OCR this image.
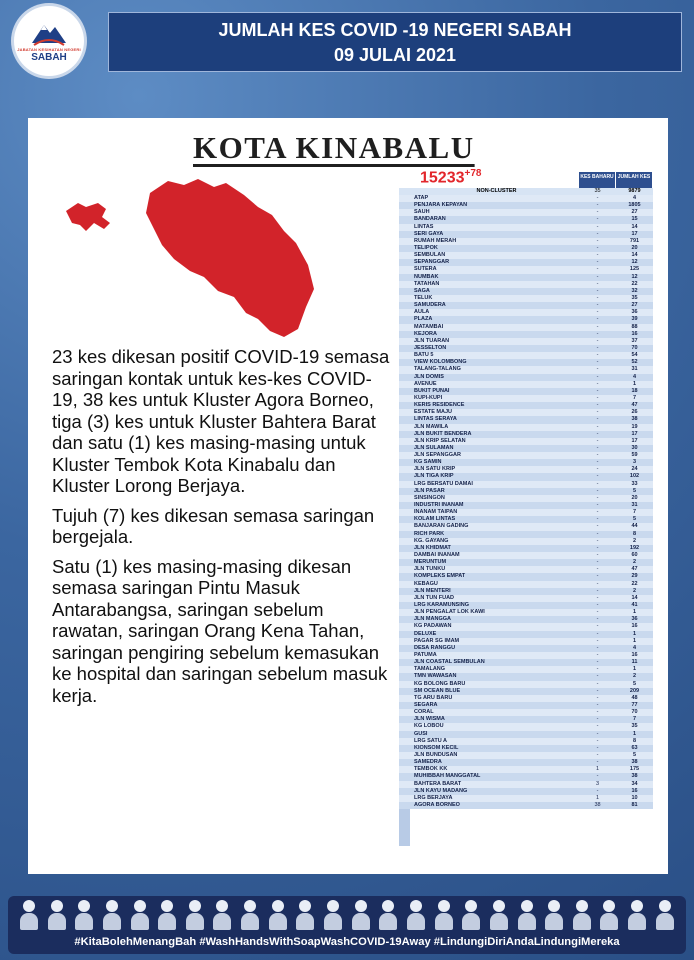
JABATAN KESIHATAN NEGERI
SABAH
JUMLAH KES COVID -19 NEGERI SABAH
09 JULAI 2021
KOTA KINABALU

23 kes dikesan positif COVID-19 semasa saringan kontak untuk kes-kes COVID-19, 38 kes untuk Kluster Agora Borneo, tiga (3) kes untuk Kluster Bahtera Barat dan satu (1) kes masing-masing untuk Kluster Tembok Kota Kinabalu dan Kluster Lorong Berjaya.

Tujuh (7) kes dikesan semasa saringan bergejala.

Satu (1) kes masing-masing dikesan semasa saringan Pintu Masuk Antarabangsa, saringan sebelum rawatan, saringan Orang Kena Tahan, saringan pengiring sebelum kemasukan ke hospital dan saringan sebelum masuk kerja.

$15233^{+78}$	KES BAHARU JUMLAH KES
NON-CLUSTER	35	9879
ATAP	-	4
PENJARA KEPAYAN	-	1805
SAUH	-	27
BANDARAN	-	15
LINTAS	-	14
SERI GAYA	-	17
RUMAH MERAH	-	791
TELIPOK	-	20
SEMBULAN	-	14
SEPANGGAR	-	12
SUTERA	-	125
NUMBAK	-	12
TATAHAN	-	22
SAGA	-	32
TELUK	-	35
SAMUDERA	-	27
AULA	-	36
PLAZA	-	39
MATAMBAI	-	88
KEJORA	-	16
JLN TUARAN	-	37
JESSELTON	-	70
BATU 5	-	54
VIEW KOLOMBONG	-	52
TALANG-TALANG	-	31
JLN DOMIS	-	4
AVENUE	-	1
BUKIT PUNAI	-	18
KUPI-KUPI	-	7
KERIS RESIDENCE	-	47
ESTATE MAJU	-	26
LINTAS SERAYA	-	38
JLN MAWILA	-	19
JLN BUKIT BENDERA	-	17
JLN KRIP SELATAN	-	17
JLN SULAMAN	-	30
JLN SEPANGGAR	-	59
KG SAMIN	-	3
JLN SATU KRIP	-	24
JLN TIGA KRIP	-	102
LRG BERSATU DAMAI	-	33
JLN PASAR	-	5
SINSINGON	-	20
INDUSTRI INANAM	-	31
INANAM TAIPAN	-	7
KOLAM LINTAS	-	5
BANJARAN GADING	-	44
RICH PARK	-	8
KG. GAYANG	-	2
JLN KHIDMAT	-	192
DAMBAI INANAM	-	60
MERUNTUM	-	2
JLN TUNKU	-	47
KOMPLEKS EMPAT	-	29
KEBAGU	-	22
JLN MENTERI	-	2
JLN TUN FUAD	-	14
LRG KARAMUNSING	-	41
JLN PENGALAT LOK KAWI	-	1
JLN MANGGA	-	36
KG PADAWAN	-	16
DELUXE	-	1
PAGAR SG IMAM	-	1
DESA RANGGU	-	4
PATUMA	-	16
JLN COASTAL SEMBULAN	-	11
TAMALANG	-	1
TMN WAWASAN	-	2
KG BOLONG BARU	-	5
SM OCEAN BLUE	-	209
TG ARU BARU	-	48
SEGARA	-	77
CORAL	-	70
JLN WISMA	-	7
KG LOBOU	-	35
GUSI	-	1
LRG SATU A	-	8
KIONSOM KECIL	-	63
JLN BUNDUSAN	-	5
SAMEDRA	-	38
TEMBOK KK	1	175
MUHIBBAH MANGGATAL	-	38
BAHTERA BARAT	3	34
JLN KAYU MADANG	-	16
LRG BERJAYA	1	10
AGORA BORNEO	38	81
#KitaBolehMenangBah #WashHandsWithSoapWashCOVID-19Away #LindungiDiriAndaLindungiMereka
